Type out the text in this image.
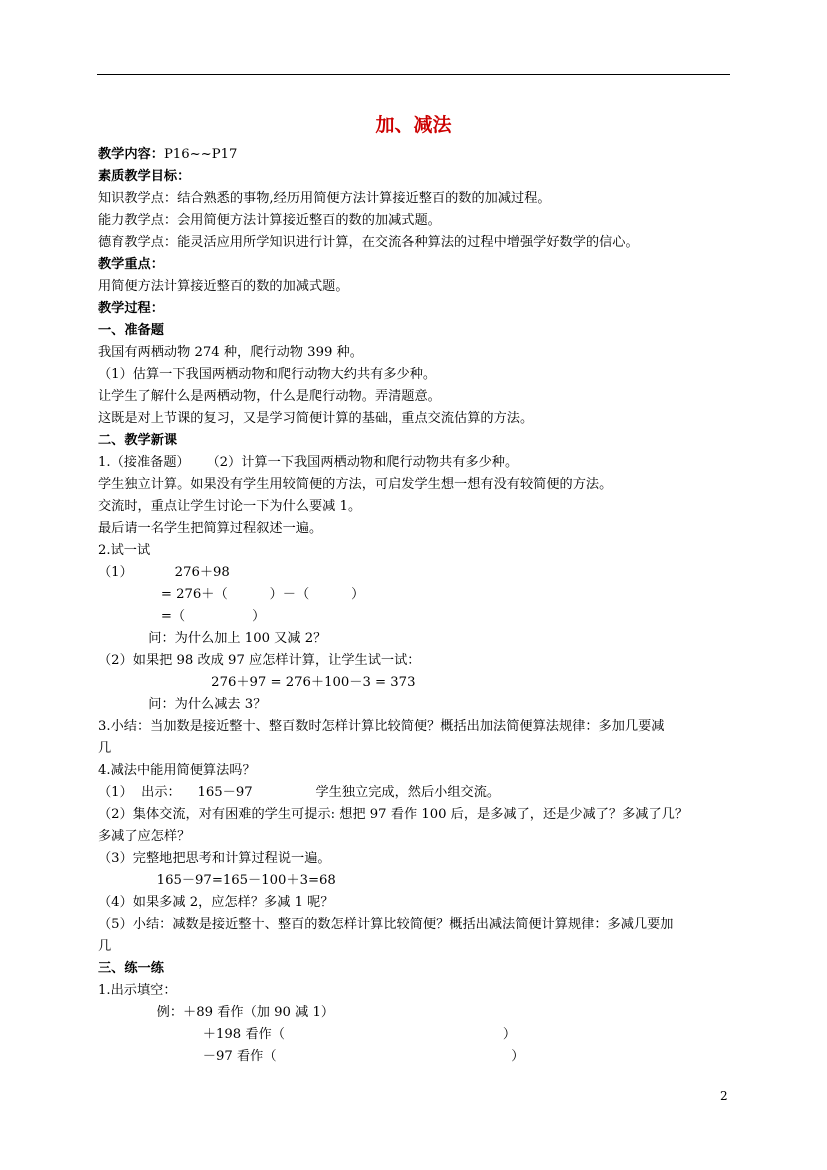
加、减法
教学内容：P16~~P17
素质教学目标：
知识教学点：结合熟悉的事物,经历用简便方法计算接近整百的数的加减过程。
能力教学点：会用简便方法计算接近整百的数的加减式题。
德育教学点：能灵活应用所学知识进行计算，在交流各种算法的过程中增强学好数学的信心。
教学重点：
用简便方法计算接近整百的数的加减式题。
教学过程：
一、准备题
我国有两栖动物 274 种，爬行动物 399 种。
（1）估算一下我国两栖动物和爬行动物大约共有多少种。
让学生了解什么是两栖动物，什么是爬行动物。弄清题意。
这既是对上节课的复习，又是学习简便计算的基础，重点交流估算的方法。
二、教学新课
1.（接准备题）    （2）计算一下我国两栖动物和爬行动物共有多少种。
学生独立计算。如果没有学生用较简便的方法，可启发学生想一想有没有较简便的方法。
交流时，重点让学生讨论一下为什么要减 1。
最后请一名学生把简算过程叙述一遍。
2.试一试
（1）          276＋98
= 276＋（          ）－（          ）
=（                ）
问：为什么加上 100 又减 2？
（2）如果把 98 改成 97 应怎样计算，让学生试一试：
276＋97 = 276＋100－3 = 373
问：为什么减去 3？
3.小结：当加数是接近整十、整百数时怎样计算比较简便？概括出加法简便算法规律：多加几要减
几
4.减法中能用简便算法吗？
（1）  出示：    165－97               学生独立完成，然后小组交流。
（2）集体交流，对有困难的学生可提示: 想把 97 看作 100 后，是多减了，还是少减了？多减了几？
多减了应怎样？
（3）完整地把思考和计算过程说一遍。
165－97=165－100＋3=68
（4）如果多减 2，应怎样？多减 1 呢？
（5）小结：减数是接近整十、整百的数怎样计算比较简便？概括出减法简便计算规律：多减几要加
几
三、练一练
1.出示填空：
例：＋89 看作（加 90 减 1）
＋198 看作（                                                    ）
－97 看作（                                                        ）
2
